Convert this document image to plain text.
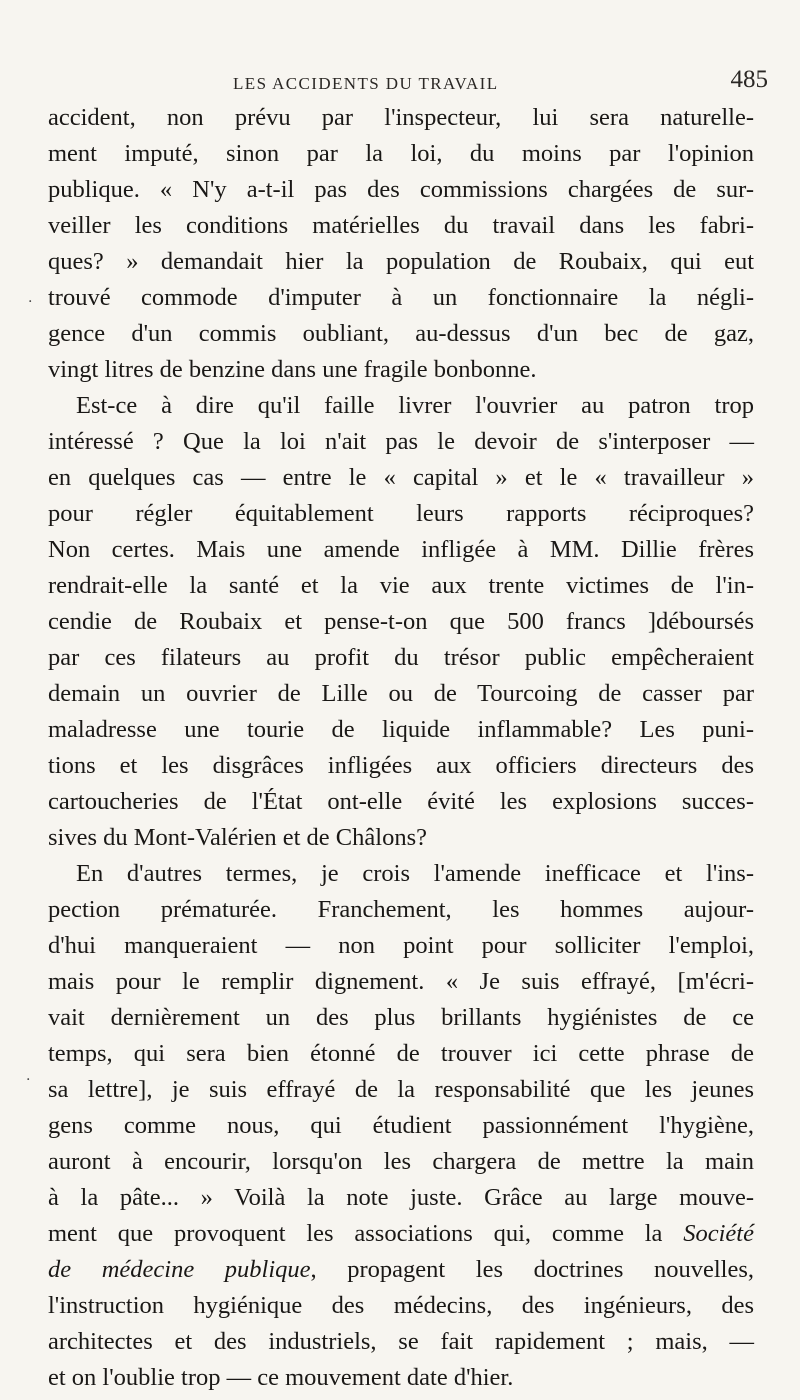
LES ACCIDENTS DU TRAVAIL	485
accident, non prévu par l'inspecteur, lui sera naturelle-
ment imputé, sinon par la loi, du moins par l'opinion
publique. « N'y a-t-il pas des commissions chargées de sur-
veiller les conditions matérielles du travail dans les fabri-
ques? » demandait hier la population de Roubaix, qui eut
trouvé commode d'imputer à un fonctionnaire la négli-
gence d'un commis oubliant, au-dessus d'un bec de gaz,
vingt litres de benzine dans une fragile bonbonne.
Est-ce à dire qu'il faille livrer l'ouvrier au patron trop
intéressé ? Que la loi n'ait pas le devoir de s'interposer —
en quelques cas — entre le « capital » et le « travailleur »
pour régler équitablement leurs rapports réciproques?
Non certes. Mais une amende infligée à MM. Dillie frères
rendrait-elle la santé et la vie aux trente victimes de l'in-
cendie de Roubaix et pense-t-on que 500 francs ]déboursés
par ces filateurs au profit du trésor public empêcheraient
demain un ouvrier de Lille ou de Tourcoing de casser par
maladresse une tourie de liquide inflammable? Les puni-
tions et les disgrâces infligées aux officiers directeurs des
cartoucheries de l'État ont-elle évité les explosions succes-
sives du Mont-Valérien et de Châlons?
En d'autres termes, je crois l'amende inefficace et l'ins-
pection prématurée. Franchement, les hommes aujour-
d'hui manqueraient — non point pour solliciter l'emploi,
mais pour le remplir dignement. « Je suis effrayé, [m'écri-
vait dernièrement un des plus brillants hygiénistes de ce
temps, qui sera bien étonné de trouver ici cette phrase de
sa lettre], je suis effrayé de la responsabilité que les jeunes
gens comme nous, qui étudient passionnément l'hygiène,
auront à encourir, lorsqu'on les chargera de mettre la main
à la pâte... » Voilà la note juste. Grâce au large mouve-
ment que provoquent les associations qui, comme la Société
de médecine publique, propagent les doctrines nouvelles,
l'instruction hygiénique des médecins, des ingénieurs, des
architectes et des industriels, se fait rapidement ; mais, —
et on l'oublie trop — ce mouvement date d'hier.
.
.
